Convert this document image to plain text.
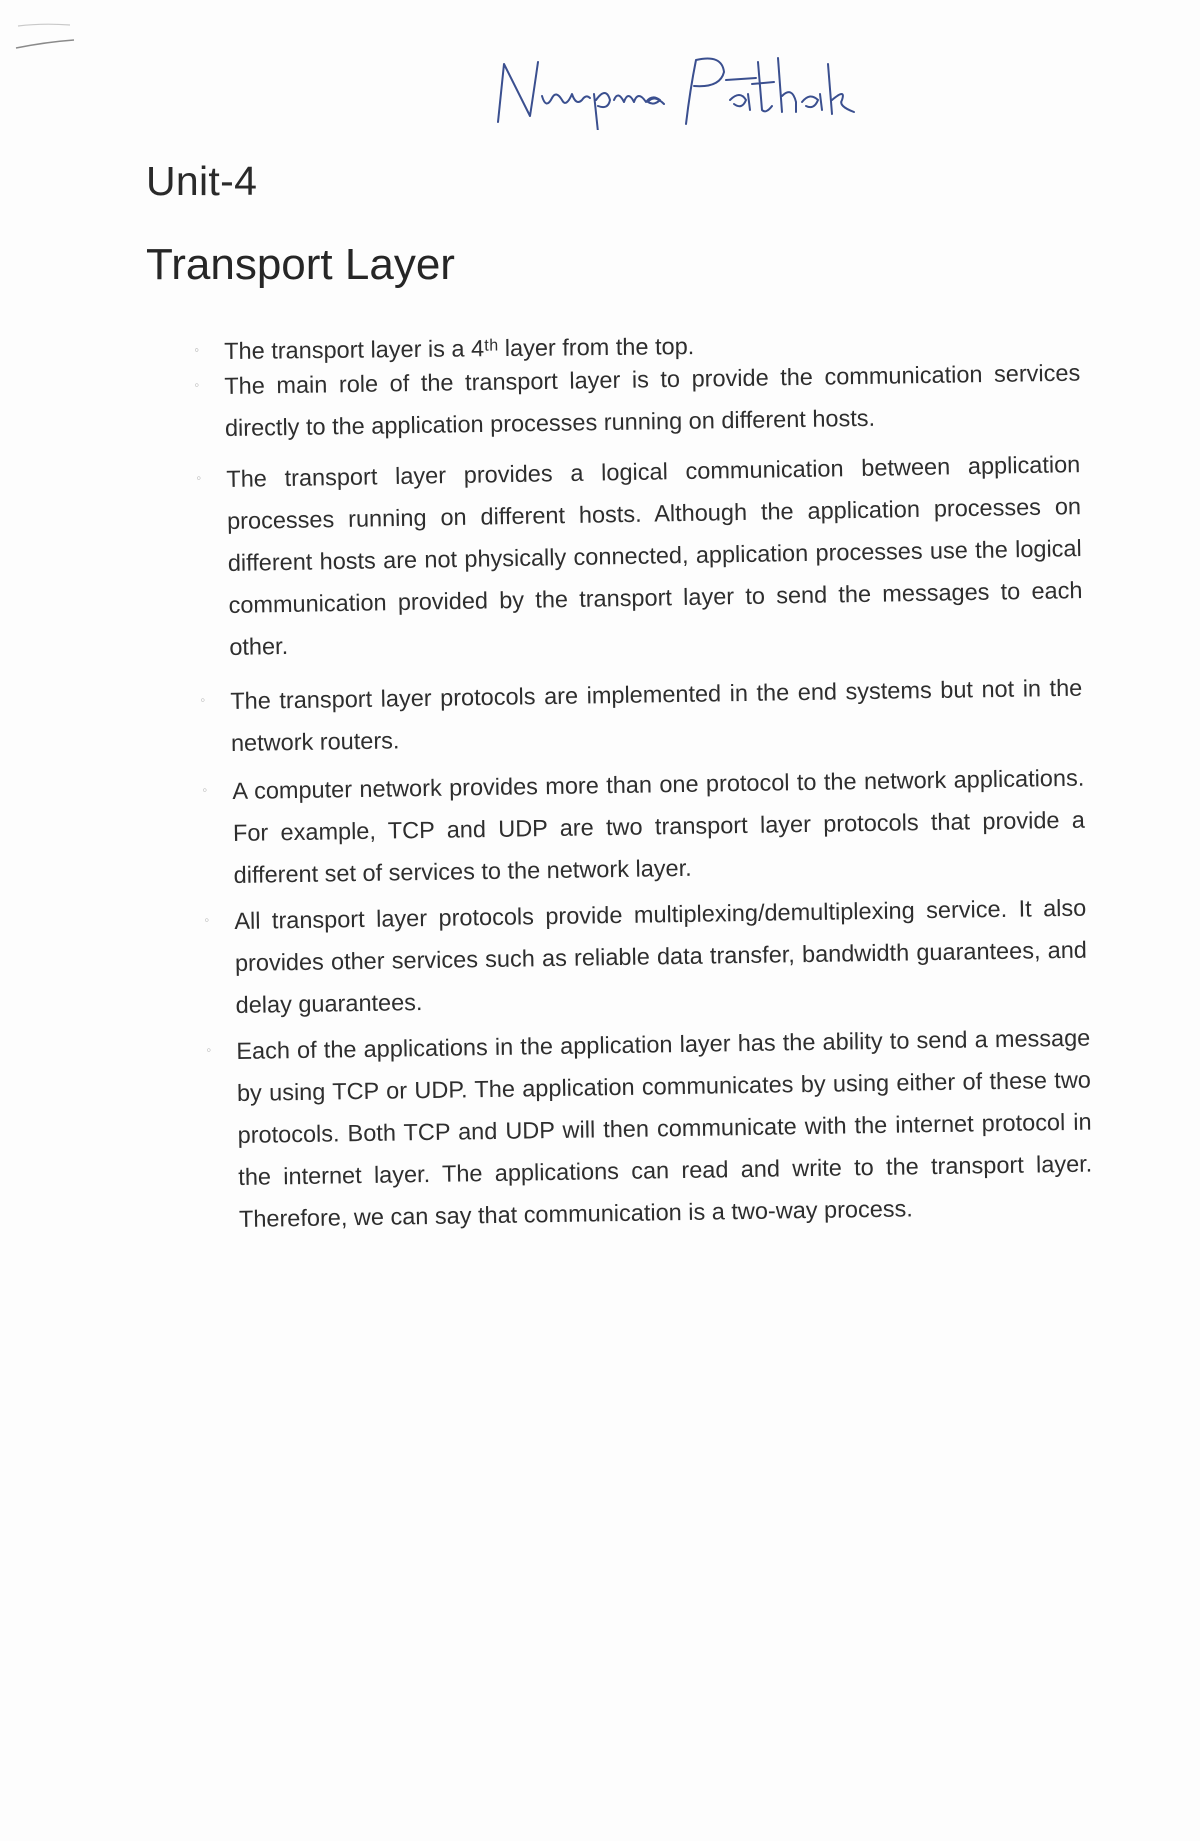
Unit-4
Transport Layer
◦ The transport layer is a 4ᵗʰ layer from the top.
◦ The main role of the transport layer is to provide the communication services directly to the application processes running on different hosts.
◦ The transport layer provides a logical communication between application processes running on different hosts. Although the application processes on different hosts are not physically connected, application processes use the logical communication provided by the transport layer to send the messages to each other.
◦ The transport layer protocols are implemented in the end systems but not in the network routers.
◦ A computer network provides more than one protocol to the network applications. For example, TCP and UDP are two transport layer protocols that provide a different set of services to the network layer.
◦ All transport layer protocols provide multiplexing/demultiplexing service. It also provides other services such as reliable data transfer, bandwidth guarantees, and delay guarantees.
◦ Each of the applications in the application layer has the ability to send a message by using TCP or UDP. The application communicates by using either of these two protocols. Both TCP and UDP will then communicate with the internet protocol in the internet layer. The applications can read and write to the transport layer. Therefore, we can say that communication is a two-way process.
